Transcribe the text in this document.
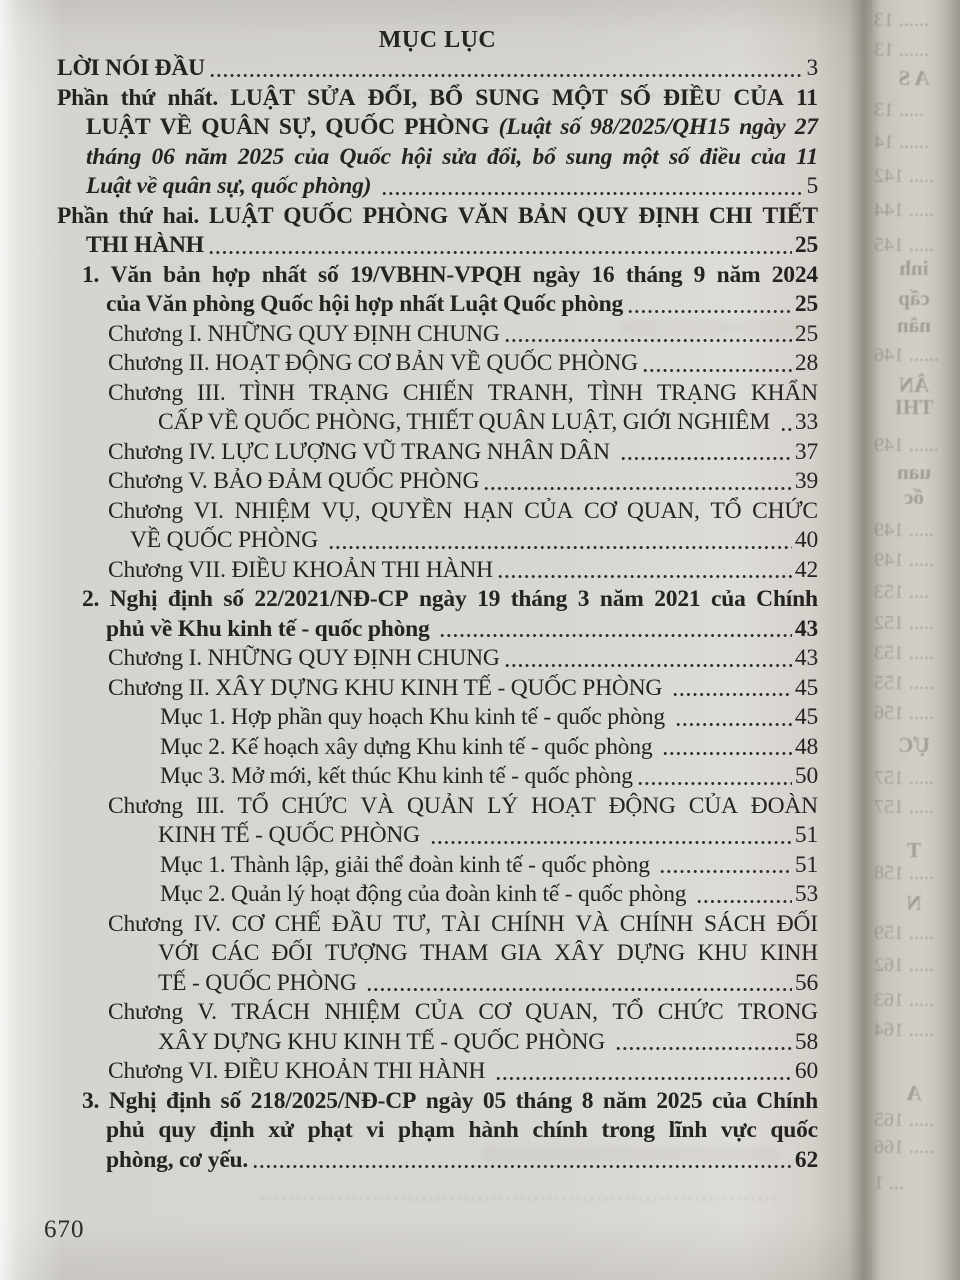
MỤC LỤC
LỜI NÓI ĐẦU	3
Phần thứ nhất. LUẬT SỬA ĐỔI, BỔ SUNG MỘT SỐ ĐIỀU CỦA 11
LUẬT VỀ QUÂN SỰ, QUỐC PHÒNG (Luật số 98/2025/QH15 ngày 27
tháng 06 năm 2025 của Quốc hội sửa đổi, bổ sung một số điều của 11
Luật về quân sự, quốc phòng)	5
Phần thứ hai. LUẬT QUỐC PHÒNG VĂN BẢN QUY ĐỊNH CHI TIẾT
THI HÀNH	25
1. Văn bản hợp nhất số 19/VBHN-VPQH ngày 16 tháng 9 năm 2024
của Văn phòng Quốc hội hợp nhất Luật Quốc phòng	25
Chương I. NHỮNG QUY ĐỊNH CHUNG	25
Chương II. HOẠT ĐỘNG CƠ BẢN VỀ QUỐC PHÒNG	28
Chương III. TÌNH TRẠNG CHIẾN TRANH, TÌNH TRẠNG KHẨN
CẤP VỀ QUỐC PHÒNG, THIẾT QUÂN LUẬT, GIỚI NGHIÊM 33
Chương IV. LỰC LƯỢNG VŨ TRANG NHÂN DÂN	37
Chương V. BẢO ĐẢM QUỐC PHÒNG	39
Chương VI. NHIỆM VỤ, QUYỀN HẠN CỦA CƠ QUAN, TỔ CHỨC
VỀ QUỐC PHÒNG	40
Chương VII. ĐIỀU KHOẢN THI HÀNH	42
2. Nghị định số 22/2021/NĐ-CP ngày 19 tháng 3 năm 2021 của Chính
phủ về Khu kinh tế - quốc phòng	43
Chương I. NHỮNG QUY ĐỊNH CHUNG	43
Chương II. XÂY DỰNG KHU KINH TẾ - QUỐC PHÒNG	45
Mục 1. Hợp phần quy hoạch Khu kinh tế - quốc phòng	45
Mục 2. Kế hoạch xây dựng Khu kinh tế - quốc phòng	48
Mục 3. Mở mới, kết thúc Khu kinh tế - quốc phòng	50
Chương III. TỔ CHỨC VÀ QUẢN LÝ HOẠT ĐỘNG CỦA ĐOÀN
KINH TẾ - QUỐC PHÒNG	51
Mục 1. Thành lập, giải thể đoàn kinh tế - quốc phòng	51
Mục 2. Quản lý hoạt động của đoàn kinh tế - quốc phòng	53
Chương IV. CƠ CHẾ ĐẦU TƯ, TÀI CHÍNH VÀ CHÍNH SÁCH ĐỐI
VỚI CÁC ĐỐI TƯỢNG THAM GIA XÂY DỰNG KHU KINH
TẾ - QUỐC PHÒNG	56
Chương V. TRÁCH NHIỆM CỦA CƠ QUAN, TỔ CHỨC TRONG
XÂY DỰNG KHU KINH TẾ - QUỐC PHÒNG	58
Chương VI. ĐIỀU KHOẢN THI HÀNH	60
3. Nghị định số 218/2025/NĐ-CP ngày 05 tháng 8 năm 2025 của Chính
phủ quy định xử phạt vi phạm hành chính trong lĩnh vực quốc
phòng, cơ yếu.	62
670
...... 13
...... 13
A S
..... 13
...... 14
..... 142
..... 144
..... 145
inh
cấp
nân
...... 146
ÂN
THI
...... 149
uan
ốc
..... 149
..... 149
.... 153
..... 152
..... 153
..... 155
..... 156
ỰC
..... 157
..... 157
T
..... 158
N
..... 159
..... 162
..... 163
..... 164
A
..... 165
..... 166
... 1
